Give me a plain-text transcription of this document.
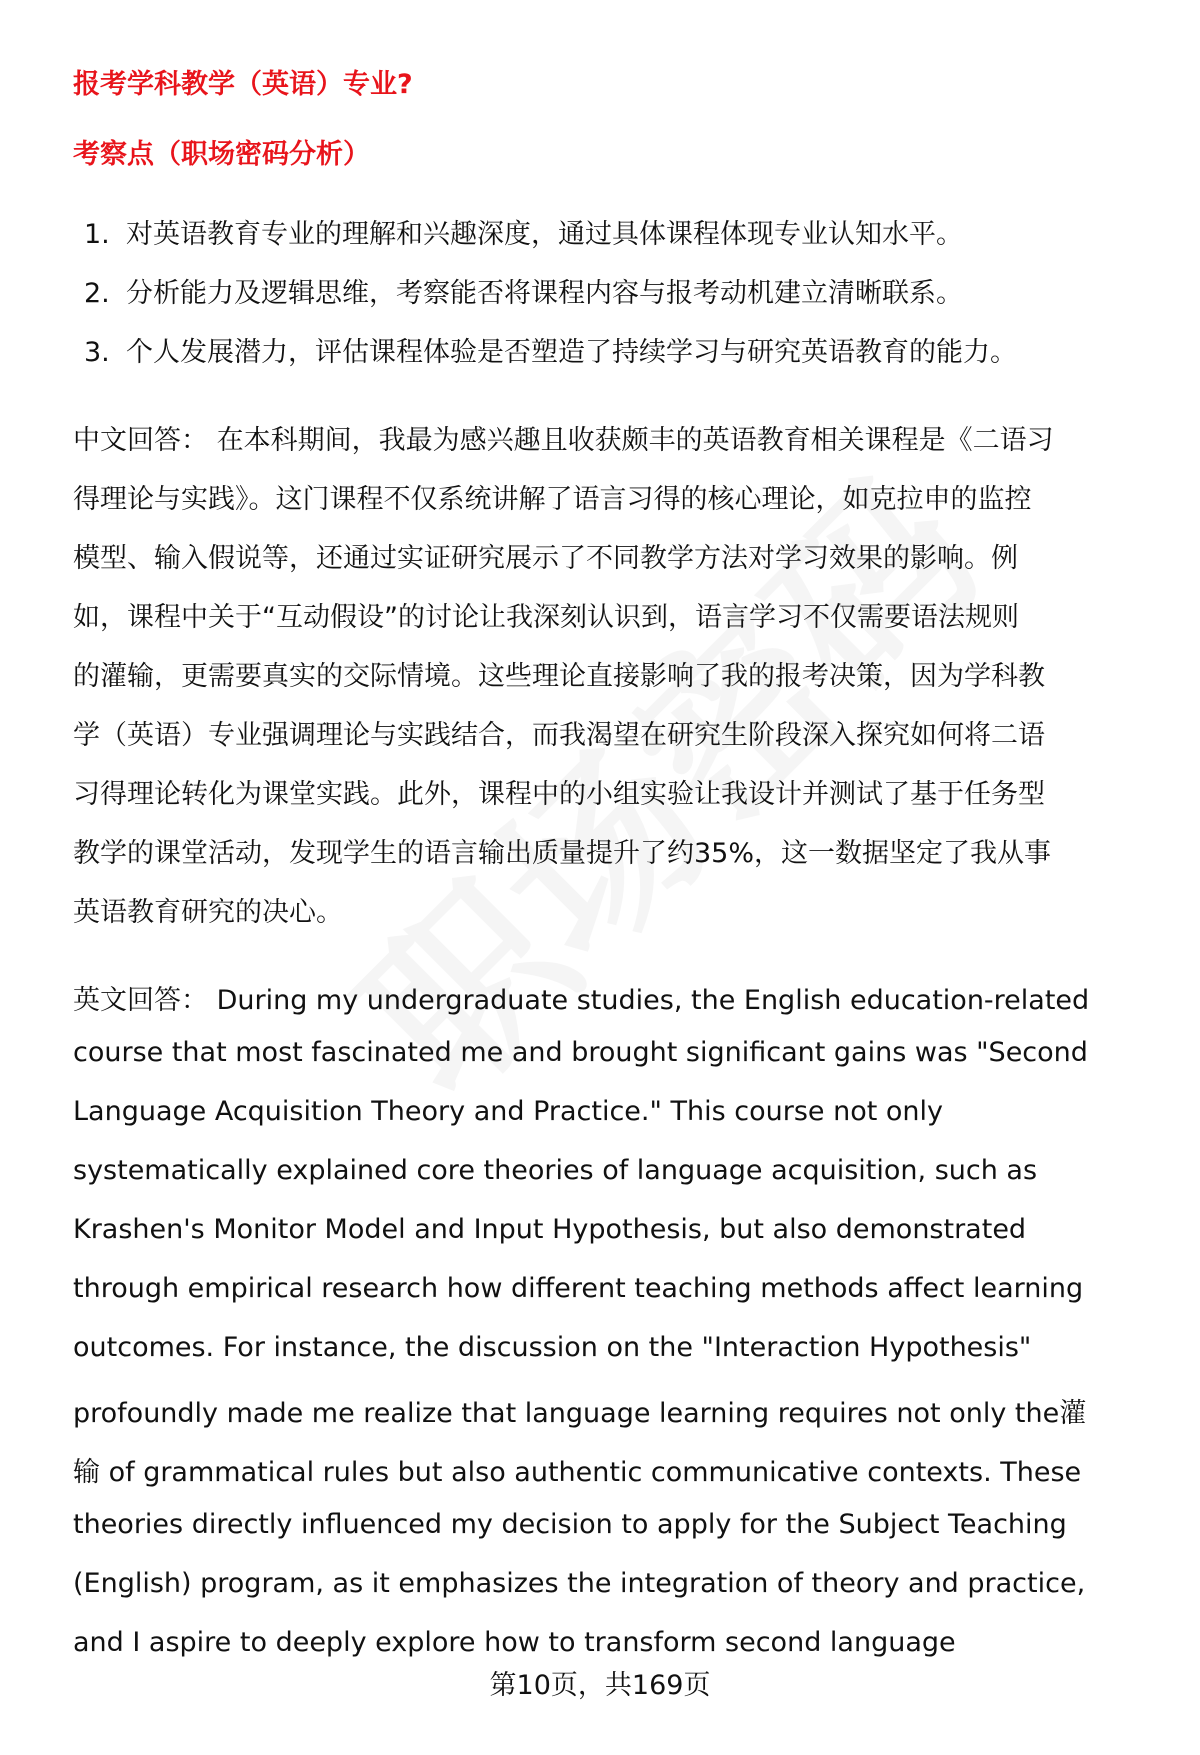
报考学科教学（英语）专业?
考察点（职场密码分析）
1. 对英语教育专业的理解和兴趣深度，通过具体课程体现专业认知水平。
2. 分析能力及逻辑思维，考察能否将课程内容与报考动机建立清晰联系。
3. 个人发展潜力，评估课程体验是否塑造了持续学习与研究英语教育的能力。
中文回答： 在本科期间，我最为感兴趣且收获颇丰的英语教育相关课程是《二语习
得理论与实践》。这门课程不仅系统讲解了语言习得的核心理论，如克拉申的监控
模型、输入假说等，还通过实证研究展示了不同教学方法对学习效果的影响。例
如，课程中关于“互动假设”的讨论让我深刻认识到，语言学习不仅需要语法规则
的灌输，更需要真实的交际情境。这些理论直接影响了我的报考决策，因为学科教
学（英语）专业强调理论与实践结合，而我渴望在研究生阶段深入探究如何将二语
习得理论转化为课堂实践。此外，课程中的小组实验让我设计并测试了基于任务型
教学的课堂活动，发现学生的语言输出质量提升了约35%，这一数据坚定了我从事
英语教育研究的决心。
英文回答： During my undergraduate studies, the English education-related
course that most fascinated me and brought significant gains was "Second
Language Acquisition Theory and Practice." This course not only
systematically explained core theories of language acquisition, such as
Krashen's Monitor Model and Input Hypothesis, but also demonstrated
through empirical research how different teaching methods affect learning
outcomes. For instance, the discussion on the "Interaction Hypothesis"
profoundly made me realize that language learning requires not only the灌
输 of grammatical rules but also authentic communicative contexts. These
theories directly influenced my decision to apply for the Subject Teaching
(English) program, as it emphasizes the integration of theory and practice,
and I aspire to deeply explore how to transform second language
第10页，共169页
